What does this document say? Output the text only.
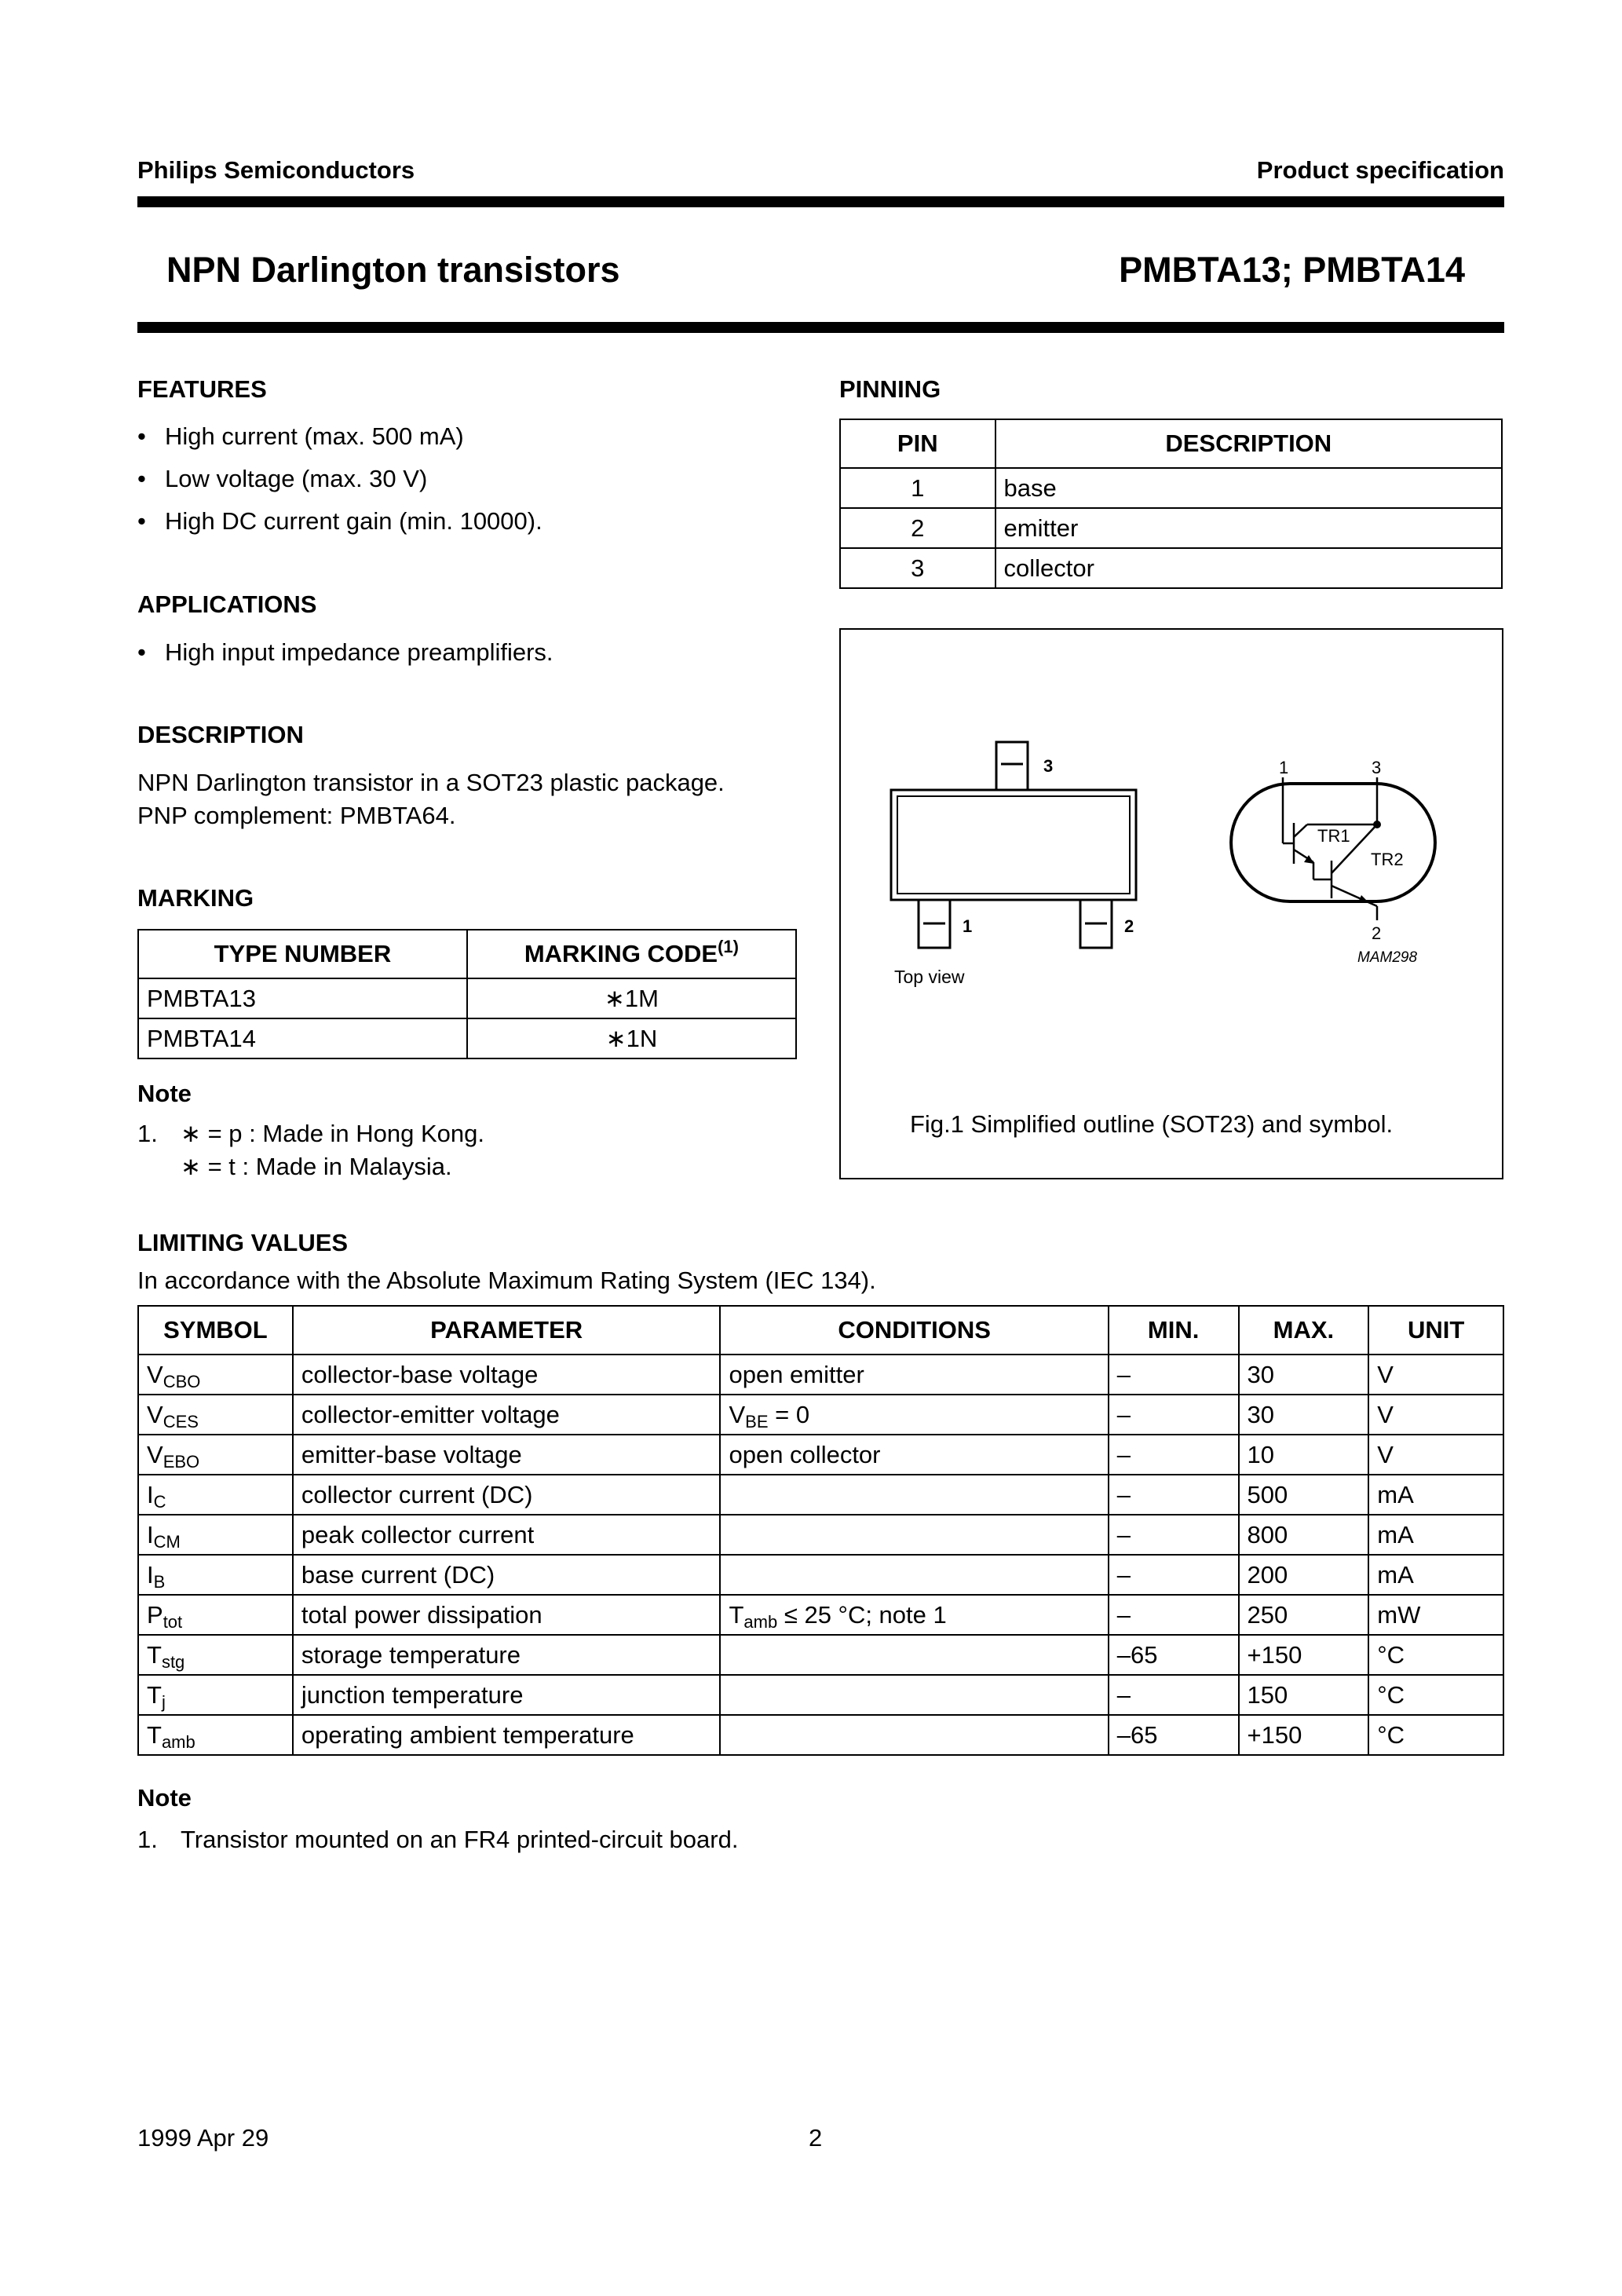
Philips Semiconductors	Product specification
NPN Darlington transistors	PMBTA13; PMBTA14
FEATURES
• High current (max. 500 mA)
• Low voltage (max. 30 V)
• High DC current gain (min. 10000).
APPLICATIONS
• High input impedance preamplifiers.
DESCRIPTION
NPN Darlington transistor in a SOT23 plastic package.
PNP complement: PMBTA64.
MARKING
TYPE NUMBER	MARKING CODE$^{(1)}$
PMBTA13	∗1M
PMBTA14	∗1N
Note
1. ∗ = p : Made in Hong Kong.
∗ = t : Made in Malaysia.
PINNING
PIN	DESCRIPTION
1	base
2	emitter
3	collector
3
1	2
Top view
1	3
2
TR1
TR2
MAM298
Fig.1 Simplified outline (SOT23) and symbol.
LIMITING VALUES
In accordance with the Absolute Maximum Rating System (IEC 134).
SYMBOL	PARAMETER	CONDITIONS	MIN.	MAX.	UNIT
$V_{CBO}$	collector-base voltage	open emitter	–	30	V
$V_{CES}$	collector-emitter voltage	$V_{BE} = 0$	–	30	V
$V_{EBO}$	emitter-base voltage	open collector	–	10	V
$I_C$	collector current (DC)		–	500	mA
$I_{CM}$	peak collector current		–	800	mA
$I_B$	base current (DC)		–	200	mA
$P_{tot}$	total power dissipation	$T_{amb} \le 25$ °C; note 1	–	250	mW
$T_{stg}$	storage temperature		–65	+150	°C
$T_j$	junction temperature		–	150	°C
$T_{amb}$	operating ambient temperature		–65	+150	°C
Note
1. Transistor mounted on an FR4 printed-circuit board.
1999 Apr 29	2
